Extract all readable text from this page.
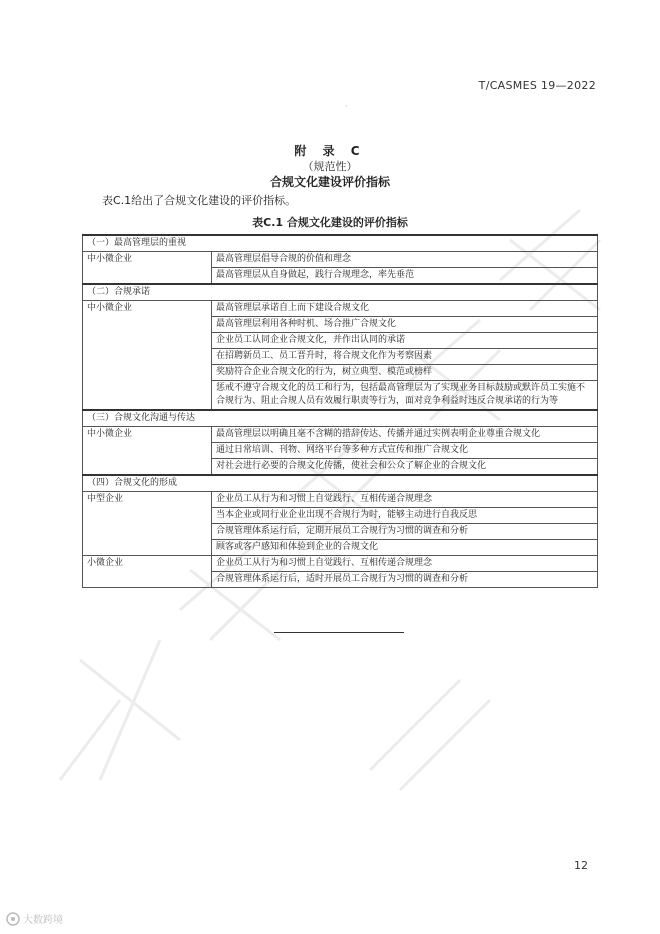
T/CASMES 19—2022
·
附 录 C
（规范性）
合规文化建设评价指标
表C.1给出了合规文化建设的评价指标。
表C.1 合规文化建设的评价指标
（一）最高管理层的重视	
中小微企业	最高管理层倡导合规的价值和理念
	最高管理层从自身做起，践行合规理念，率先垂范
（二）合规承诺	
中小微企业	最高管理层承诺自上而下建设合规文化
	最高管理层利用各种时机、场合推广合规文化
	企业员工认同企业合规文化，并作出认同的承诺
	在招聘新员工、员工晋升时，将合规文化作为考察因素
	奖励符合企业合规文化的行为，树立典型、模范或榜样
	惩戒不遵守合规文化的员工和行为，包括最高管理层为了实现业务目标鼓励或默许员工实施不合规行为、阻止合规人员有效履行职责等行为，面对竞争利益时违反合规承诺的行为等
（三）合规文化沟通与传达	
中小微企业	最高管理层以明确且毫不含糊的措辞传达、传播并通过实例表明企业尊重合规文化
	通过日常培训、刊物、网络平台等多种方式宣传和推广合规文化
	对社会进行必要的合规文化传播，使社会和公众了解企业的合规文化
（四）合规文化的形成	
中型企业	企业员工从行为和习惯上自觉践行、互相传递合规理念
	当本企业或同行业企业出现不合规行为时，能够主动进行自我反思
	合规管理体系运行后，定期开展员工合规行为习惯的调查和分析
	顾客或客户感知和体验到企业的合规文化
小微企业	企业员工从行为和习惯上自觉践行、互相传递合规理念
	合规管理体系运行后，适时开展员工合规行为习惯的调查和分析
12
大数跨境
